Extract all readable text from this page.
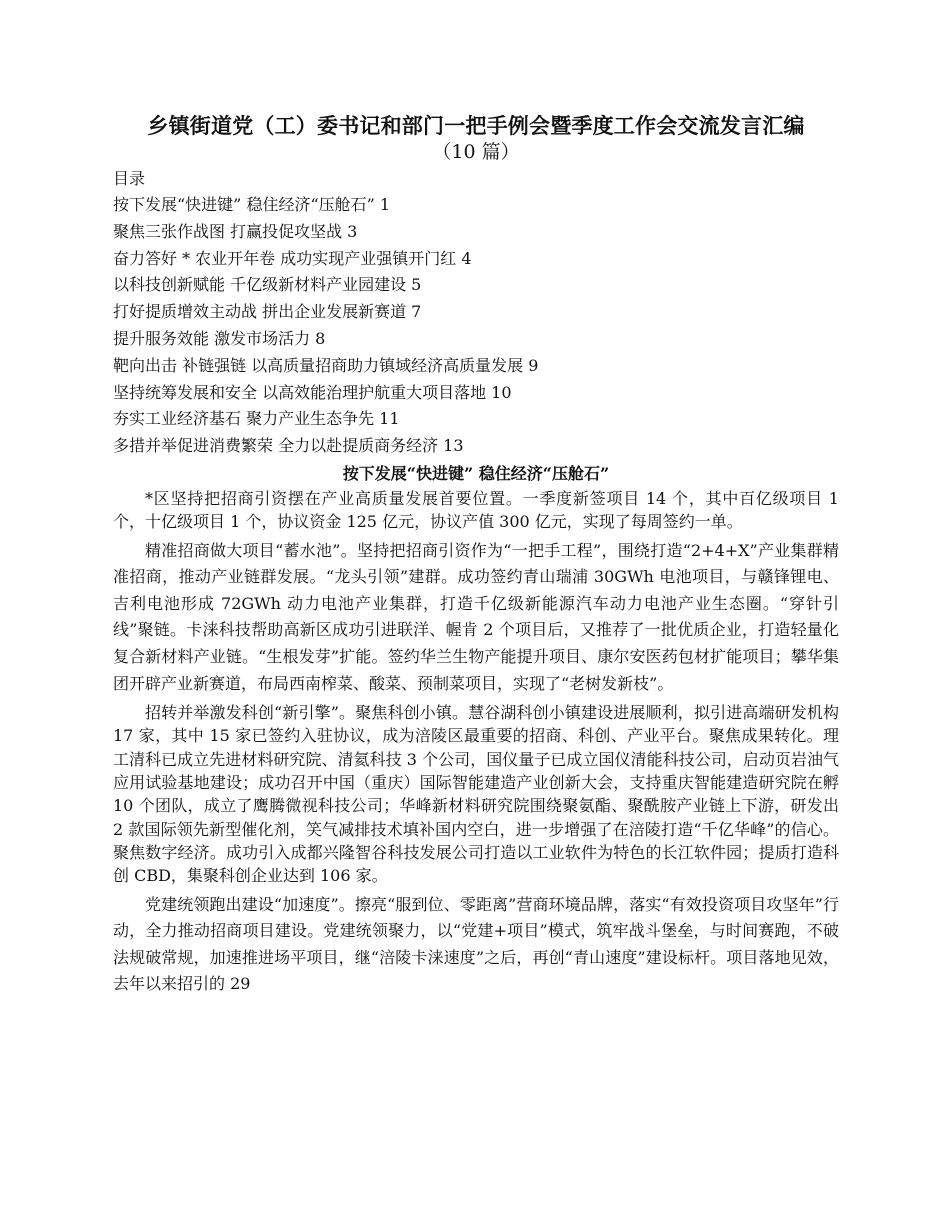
乡镇街道党（工）委书记和部门一把手例会暨季度工作会交流发言汇编
（10 篇）
目录
按下发展“快进键” 稳住经济“压舱石” 1
聚焦三张作战图 打赢投促攻坚战 3
奋力答好 * 农业开年卷 成功实现产业强镇开门红 4
以科技创新赋能 千亿级新材料产业园建设 5
打好提质增效主动战 拼出企业发展新赛道 7
提升服务效能 激发市场活力 8
靶向出击 补链强链 以高质量招商助力镇域经济高质量发展 9
坚持统筹发展和安全 以高效能治理护航重大项目落地 10
夯实工业经济基石 聚力产业生态争先 11
多措并举促进消费繁荣 全力以赴提质商务经济 13
按下发展“快进键” 稳住经济“压舱石”

*区坚持把招商引资摆在产业高质量发展首要位置。一季度新签项目 14 个，其中百亿级项目 1 个，十亿级项目 1 个，协议资金 125 亿元，协议产值 300 亿元，实现了每周签约一单。

精准招商做大项目“蓄水池”。坚持把招商引资作为“一把手工程”，围绕打造“2+4+X”产业集群精准招商，推动产业链群发展。“龙头引领”建群。成功签约青山瑞浦 30GWh 电池项目，与赣锋锂电、吉利电池形成 72GWh 动力电池产业集群，打造千亿级新能源汽车动力电池产业生态圈。“穿针引线”聚链。卡涞科技帮助高新区成功引进联洋、幄肯 2 个项目后，又推荐了一批优质企业，打造轻量化复合新材料产业链。“生根发芽”扩能。签约华兰生物产能提升项目、康尔安医药包材扩能项目；攀华集团开辟产业新赛道，布局西南榨菜、酸菜、预制菜项目，实现了“老树发新枝”。

招转并举激发科创“新引擎”。聚焦科创小镇。慧谷湖科创小镇建设进展顺利，拟引进高端研发机构 17 家，其中 15 家已签约入驻协议，成为涪陵区最重要的招商、科创、产业平台。聚焦成果转化。理工清科已成立先进材料研究院、清氦科技 3 个公司，国仪量子已成立国仪清能科技公司，启动页岩油气应用试验基地建设；成功召开中国（重庆）国际智能建造产业创新大会，支持重庆智能建造研究院在孵 10 个团队，成立了鹰腾微视科技公司；华峰新材料研究院围绕聚氨酯、聚酰胺产业链上下游，研发出 2 款国际领先新型催化剂，笑气减排技术填补国内空白，进一步增强了在涪陵打造“千亿华峰”的信心。聚焦数字经济。成功引入成都兴隆智谷科技发展公司打造以工业软件为特色的长江软件园；提质打造科创 CBD，集聚科创企业达到 106 家。

党建统领跑出建设“加速度”。擦亮“服到位、零距离”营商环境品牌，落实“有效投资项目攻坚年”行动，全力推动招商项目建设。党建统领聚力，以“党建+项目”模式，筑牢战斗堡垒，与时间赛跑，不破法规破常规，加速推进场平项目，继“涪陵卡涞速度”之后，再创“青山速度”建设标杆。项目落地见效，去年以来招引的 29
